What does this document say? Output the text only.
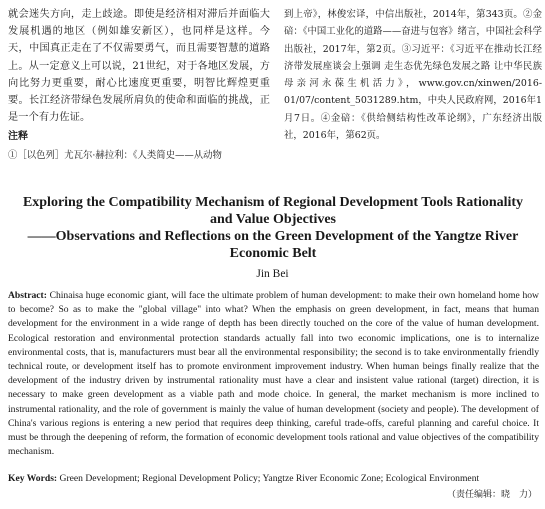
就会迷失方向，走上歧途。即使是经济相对滞后并面临大发展机遇的地区（例如雄安新区），也同样是这样。今天，中国真正走在了不仅需要勇气，而且需要智慧的道路上。从一定意义上可以说，21世纪，对于各地区发展，方向比努力更重要，耐心比速度更重要，明智比辉煌更重要。长江经济带绿色发展所肩负的使命和面临的挑战，正是一个有力佐证。

注释
①［以色列］尤瓦尔·赫拉利：《人类简史——从动物

到上帝》，林俊宏译，中信出版社，2014年，第343页。②金碚：《中国工业化的道路——奋进与包容》绪言，中国社会科学出版社，2017年，第2页。③习近平：《习近平在推动长江经济带发展座谈会上强调 走生态优先绿色发展之路 让中华民族母亲河永葆生机活力》，www.gov.cn/xinwen/2016-01/07/content_5031289.htm，中央人民政府网，2016年1月7日。④金碚：《供给侧结构性改革论纲》，广东经济出版社，2016年，第62页。

Exploring the Compatibility Mechanism of Regional Development Tools Rationality
and Value Objectives
——Observations and Reflections on the Green Development of the Yangtze River
Economic Belt
Jin Bei
Abstract: Chinaisa huge economic giant, will face the ultimate problem of human development: to make their own homeland home how to become? So as to make the "global village" into what? When the emphasis on green development, in fact, means that human development for the environment in a wide range of depth has been directly touched on the core of the value of human development. Ecological restoration and environmental protection standards actually fall into two economic implications, one is to internalize environmental costs, that is, manufacturers must bear all the environmental responsibility; the second is to take environmentally friendly technical route, or development itself has to promote environment improvement industry. When human beings finally realize that the development of the industry driven by instrumental rationality must have a clear and insistent value rational (target) direction, it is necessary to make green development as a viable path and mode choice. In general, the market mechanism is more inclined to instrumental rationality, and the role of government is mainly the value of human development (society and people). The development of China's various regions is entering a new period that requires deep thinking, careful trade-offs, careful planning and careful choice. It must be through the deepening of reform, the formation of economic development tools rational and value objectives of the compatibility mechanism.
Key Words: Green Development; Regional Development Policy; Yangtze River Economic Zone; Ecological Environment
（责任编辑：晓　力）
